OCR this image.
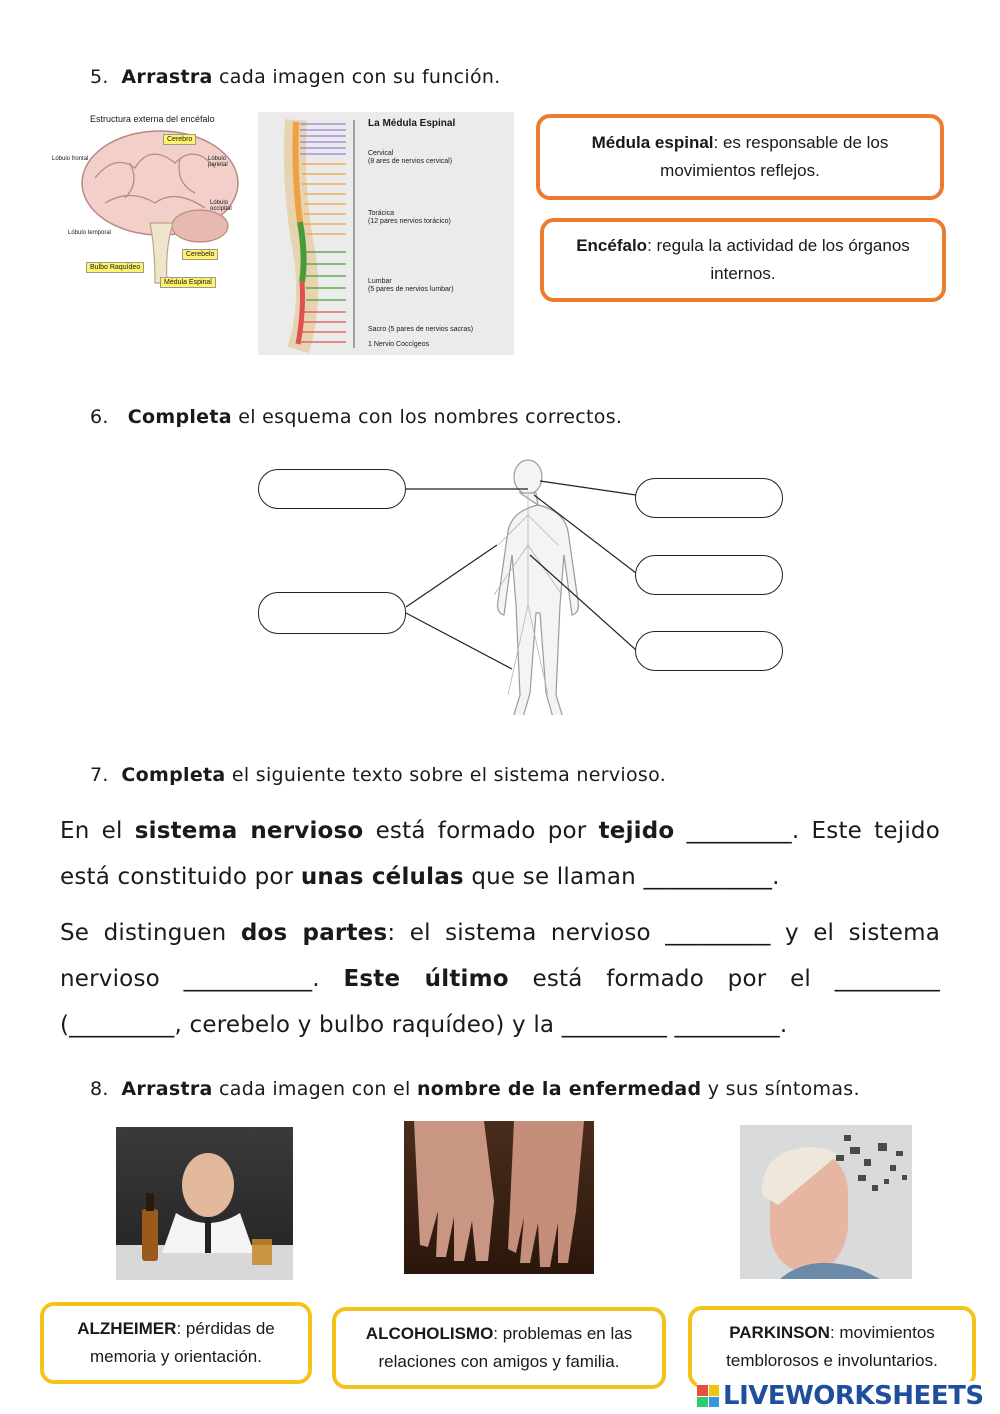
5. Arrastra cada imagen con su función.
Estructura externa del encéfalo
Cerebro
Lóbulo frontal	Lóbulo parietal
Lóbulo occipital
Lóbulo temporal
Cerebelo
Bulbo Raquídeo
Médula Espinal
La Médula Espinal
Cervical
(8 ares de nervios cervical)
Torácica
(12 pares nervios torácico)
Lumbar
(5 pares de nervios lumbar)
Sacro (5 pares de nervios sacras)
1 Nervio Coccígeos
Médula espinal: es responsable de los movimientos reflejos.
Encéfalo: regula la actividad de los órganos internos.
6. Completa el esquema con los nombres correctos.
7. Completa el siguiente texto sobre el sistema nervioso.
En el sistema nervioso está formado por tejido _________. Este tejido está constituido por unas células que se llaman ___________.
Se distinguen dos partes: el sistema nervioso _________ y el sistema nervioso ___________. Este último está formado por el _________ (_________, cerebelo y bulbo raquídeo) y la _________ _________.
8. Arrastra cada imagen con el nombre de la enfermedad y sus síntomas.
ALZHEIMER: pérdidas de memoria y orientación.
ALCOHOLISMO: problemas en las relaciones con amigos y familia.
PARKINSON: movimientos temblorosos e involuntarios.
LIVEWORKSHEETS
